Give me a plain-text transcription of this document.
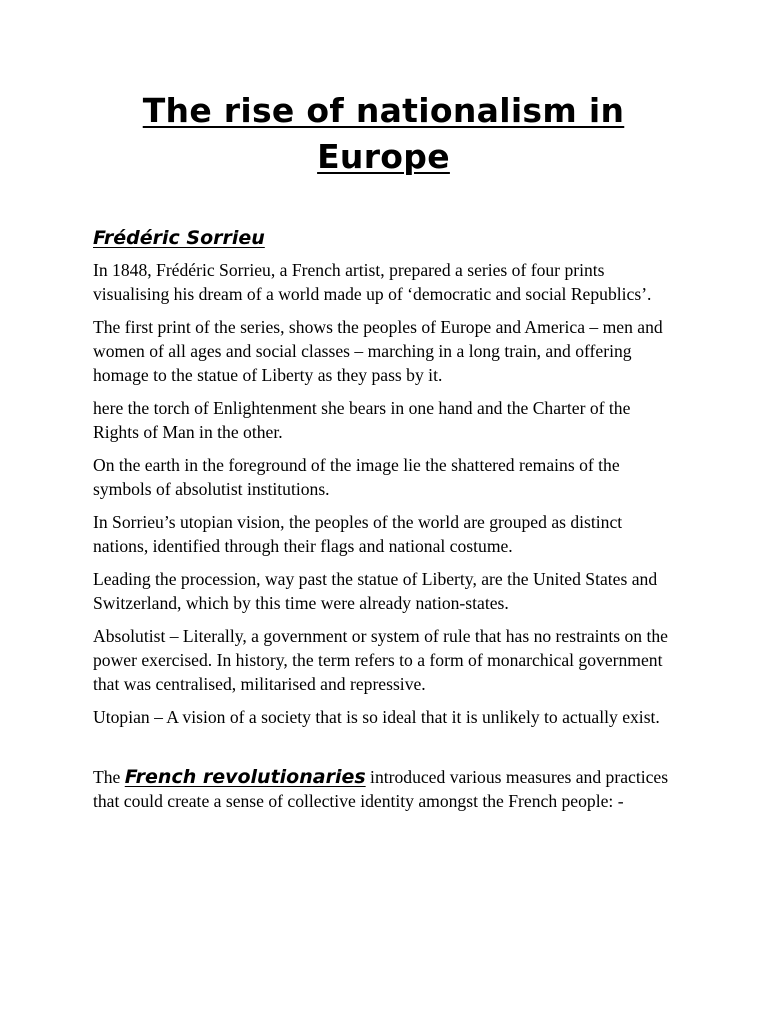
The rise of nationalism in Europe
Frédéric Sorrieu

In 1848, Frédéric Sorrieu, a French artist, prepared a series of four prints visualising his dream of a world made up of ‘democratic and social Republics’.

The first print of the series, shows the peoples of Europe and America – men and women of all ages and social classes – marching in a long train, and offering homage to the statue of Liberty as they pass by it.

here the torch of Enlightenment she bears in one hand and the Charter of the Rights of Man in the other.

On the earth in the foreground of the image lie the shattered remains of the symbols of absolutist institutions.

In Sorrieu’s utopian vision, the peoples of the world are grouped as distinct nations, identified through their flags and national costume.

Leading the procession, way past the statue of Liberty, are the United States and Switzerland, which by this time were already nation-states.

Absolutist – Literally, a government or system of rule that has no restraints on the power exercised. In history, the term refers to a form of monarchical government that was centralised, militarised and repressive.

Utopian – A vision of a society that is so ideal that it is unlikely to actually exist.

The French revolutionaries introduced various measures and practices that could create a sense of collective identity amongst the French people: -
